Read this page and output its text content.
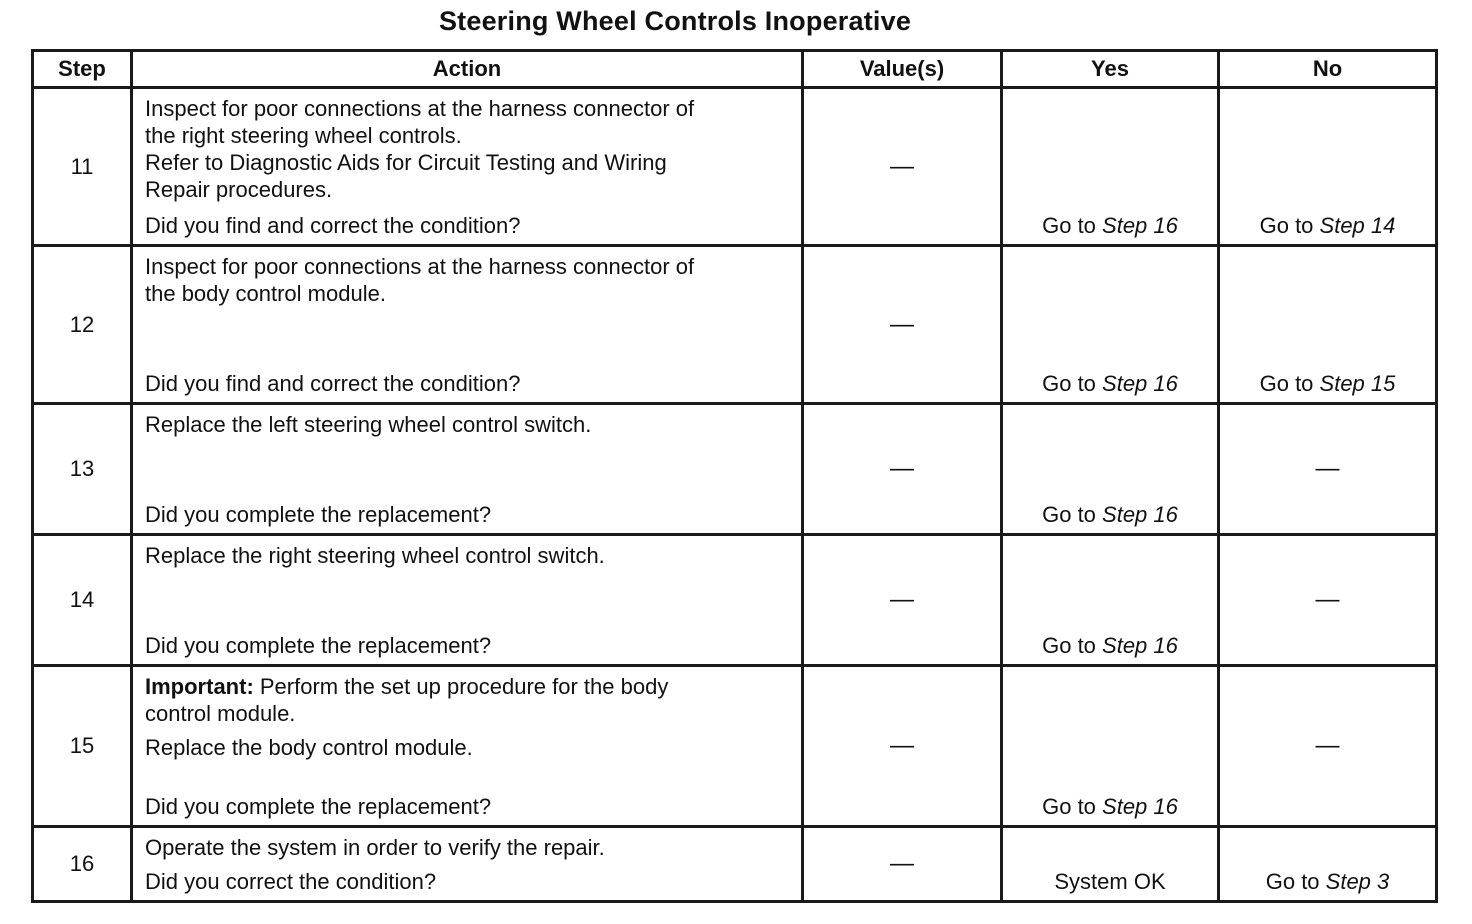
Steering Wheel Controls Inoperative
Step	Action	Value(s)	Yes	No
11	Inspect for poor connections at the harness connector of
the right steering wheel controls.
Refer to Diagnostic Aids for Circuit Testing and Wiring
Repair procedures.
Did you find and correct the condition?	—	Go to Step 16	Go to Step 14

12	Inspect for poor connections at the harness connector of
the body control module.
Did you find and correct the condition?	—	Go to Step 16	Go to Step 15

13	Replace the left steering wheel control switch.
Did you complete the replacement?	—	Go to Step 16	—

14	Replace the right steering wheel control switch.
Did you complete the replacement?	—	Go to Step 16	—

15	Important: Perform the set up procedure for the body
control module.
Replace the body control module.
Did you complete the replacement?	—	Go to Step 16	—

16	Operate the system in order to verify the repair.
Did you correct the condition?	—	System OK	Go to Step 3
